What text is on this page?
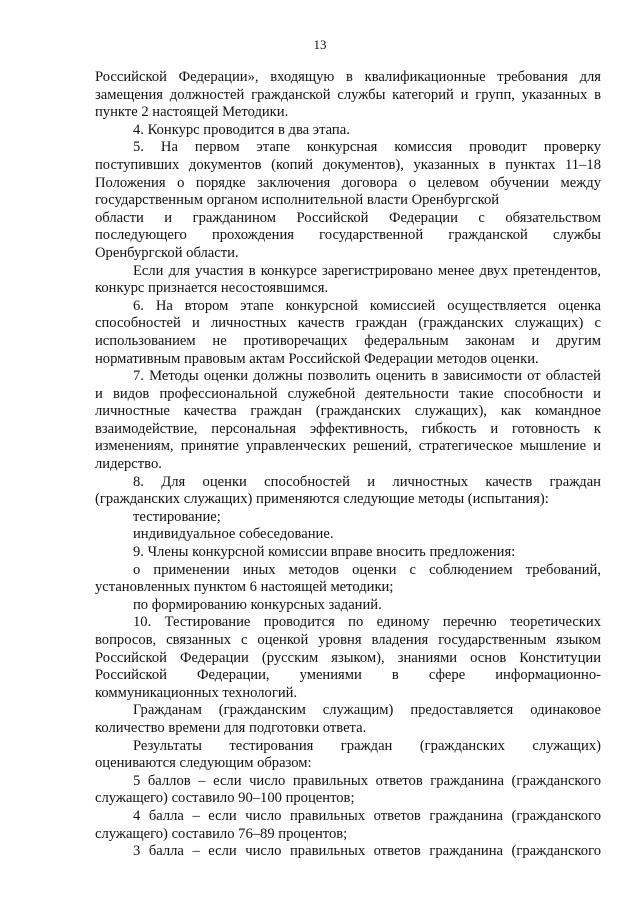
13
Российской Федерации», входящую в квалификационные требования для
замещения должностей гражданской службы категорий и групп, указанных в
пункте 2 настоящей Методики.
4. Конкурс проводится в два этапа.
5. На первом этапе конкурсная комиссия проводит проверку
поступивших документов (копий документов), указанных в пунктах 11–18
Положения о порядке заключения договора о целевом обучении между
государственным органом исполнительной власти Оренбургской
области и гражданином Российской Федерации с обязательством
последующего прохождения государственной гражданской службы
Оренбургской области.
Если для участия в конкурсе зарегистрировано менее двух претендентов,
конкурс признается несостоявшимся.
6. На втором этапе конкурсной комиссией осуществляется оценка
способностей и личностных качеств граждан (гражданских служащих) с
использованием не противоречащих федеральным законам и другим
нормативным правовым актам Российской Федерации методов оценки.
7. Методы оценки должны позволить оценить в зависимости от областей
и видов профессиональной служебной деятельности такие способности и
личностные качества граждан (гражданских служащих), как командное
взаимодействие, персональная эффективность, гибкость и готовность к
изменениям, принятие управленческих решений, стратегическое мышление и
лидерство.
8. Для оценки способностей и личностных качеств граждан
(гражданских служащих) применяются следующие методы (испытания):
тестирование;
индивидуальное собеседование.
9. Члены конкурсной комиссии вправе вносить предложения:
о применении иных методов оценки с соблюдением требований,
установленных пунктом 6 настоящей методики;
по формированию конкурсных заданий.
10. Тестирование проводится по единому перечню теоретических
вопросов, связанных с оценкой уровня владения государственным языком
Российской Федерации (русским языком), знаниями основ Конституции
Российской Федерации, умениями в сфере информационно-
коммуникационных технологий.
Гражданам (гражданским служащим) предоставляется одинаковое
количество времени для подготовки ответа.
Результаты тестирования граждан (гражданских служащих)
оцениваются следующим образом:
5 баллов – если число правильных ответов гражданина (гражданского
служащего) составило 90–100 процентов;
4 балла – если число правильных ответов гражданина (гражданского
служащего) составило 76–89 процентов;
3 балла – если число правильных ответов гражданина (гражданского
